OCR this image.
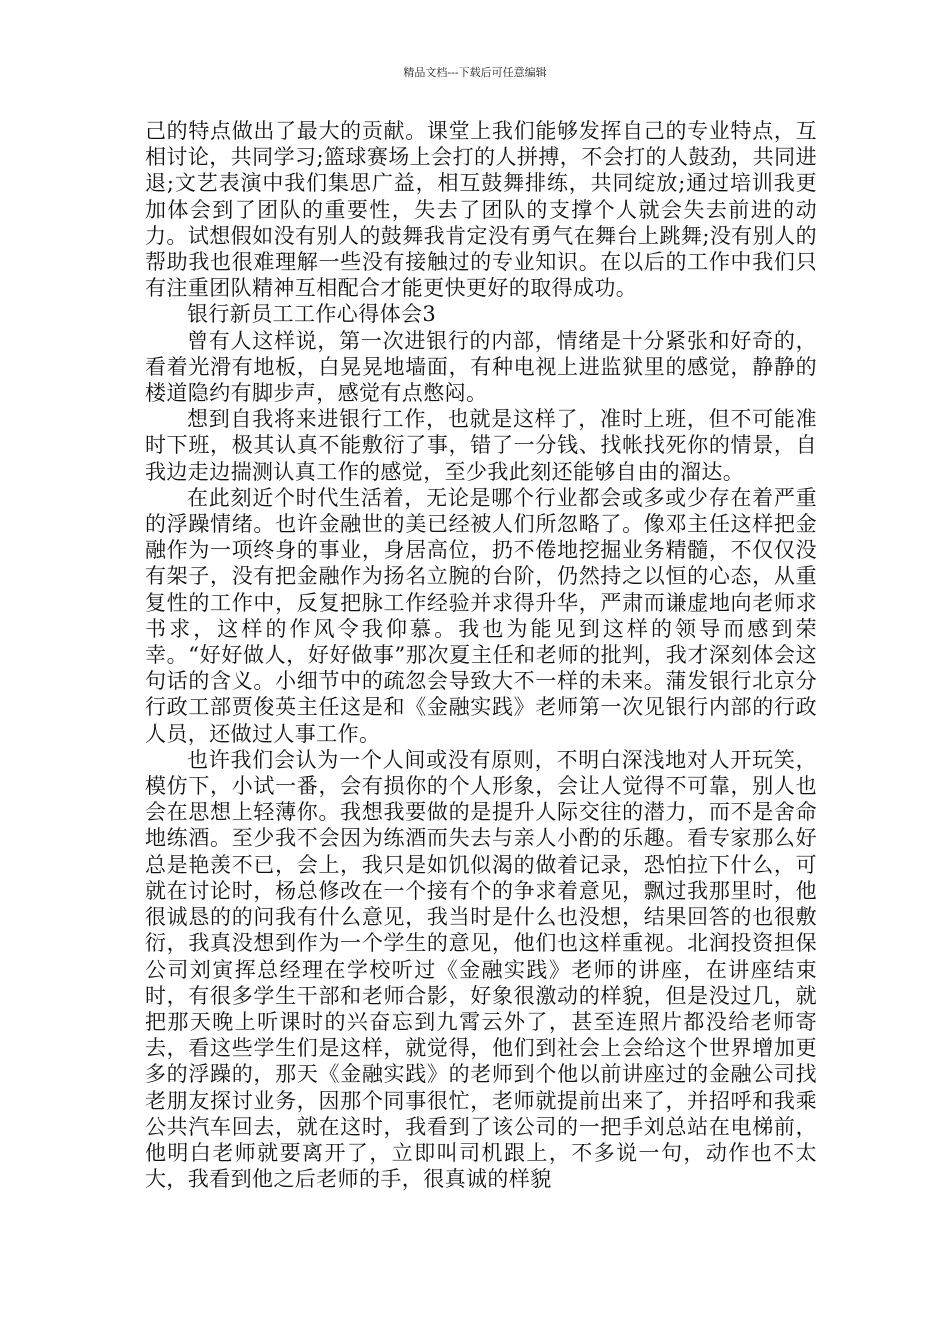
精品文档---下载后可任意编辑

己的特点做出了最大的贡献。课堂上我们能够发挥自己的专业特点，互相讨论，共同学习;篮球赛场上会打的人拼搏，不会打的人鼓劲，共同进退;文艺表演中我们集思广益，相互鼓舞排练，共同绽放;通过培训我更加体会到了团队的重要性，失去了团队的支撑个人就会失去前进的动力。试想假如没有别人的鼓舞我肯定没有勇气在舞台上跳舞;没有别人的帮助我也很难理解一些没有接触过的专业知识。在以后的工作中我们只有注重团队精神互相配合才能更快更好的取得成功。

银行新员工工作心得体会3

曾有人这样说，第一次进银行的内部，情绪是十分紧张和好奇的，看着光滑有地板，白晃晃地墙面，有种电视上进监狱里的感觉，静静的楼道隐约有脚步声，感觉有点憋闷。

想到自我将来进银行工作，也就是这样了，准时上班，但不可能准时下班，极其认真不能敷衍了事，错了一分钱、找帐找死你的情景，自我边走边揣测认真工作的感觉，至少我此刻还能够自由的溜达。

在此刻近个时代生活着，无论是哪个行业都会或多或少存在着严重的浮躁情绪。也许金融世的美已经被人们所忽略了。像邓主任这样把金融作为一项终身的事业，身居高位，扔不倦地挖掘业务精髓，不仅仅没有架子，没有把金融作为扬名立腕的台阶，仍然持之以恒的心态，从重复性的工作中，反复把脉工作经验并求得升华，严肃而谦虚地向老师求书求，这样的作风令我仰慕。我也为能见到这样的领导而感到荣幸。“好好做人，好好做事”那次夏主任和老师的批判，我才深刻体会这句话的含义。小细节中的疏忽会导致大不一样的未来。蒲发银行北京分行政工部贾俊英主任这是和《金融实践》老师第一次见银行内部的行政人员，还做过人事工作。

也许我们会认为一个人间或没有原则，不明白深浅地对人开玩笑，模仿下，小试一番，会有损你的个人形象，会让人觉得不可靠，别人也会在思想上轻薄你。我想我要做的是提升人际交往的潜力，而不是舍命地练酒。至少我不会因为练酒而失去与亲人小酌的乐趣。看专家那么好总是艳羡不已，会上，我只是如饥似渴的做着记录，恐怕拉下什么，可就在讨论时，杨总修改在一个接有个的争求着意见，飘过我那里时，他很诚恳的的问我有什么意见，我当时是什么也没想，结果回答的也很敷衍，我真没想到作为一个学生的意见，他们也这样重视。北润投资担保公司刘寅挥总经理在学校听过《金融实践》老师的讲座，在讲座结束时，有很多学生干部和老师合影，好象很激动的样貌，但是没过几，就把那天晚上听课时的兴奋忘到九霄云外了，甚至连照片都没给老师寄去，看这些学生们是这样，就觉得，他们到社会上会给这个世界增加更多的浮躁的，那天《金融实践》的老师到个他以前讲座过的金融公司找老朋友探讨业务，因那个同事很忙，老师就提前出来了，并招呼和我乘公共汽车回去，就在这时，我看到了该公司的一把手刘总站在电梯前，他明白老师就要离开了，立即叫司机跟上，不多说一句，动作也不太大，我看到他之后老师的手，很真诚的样貌
